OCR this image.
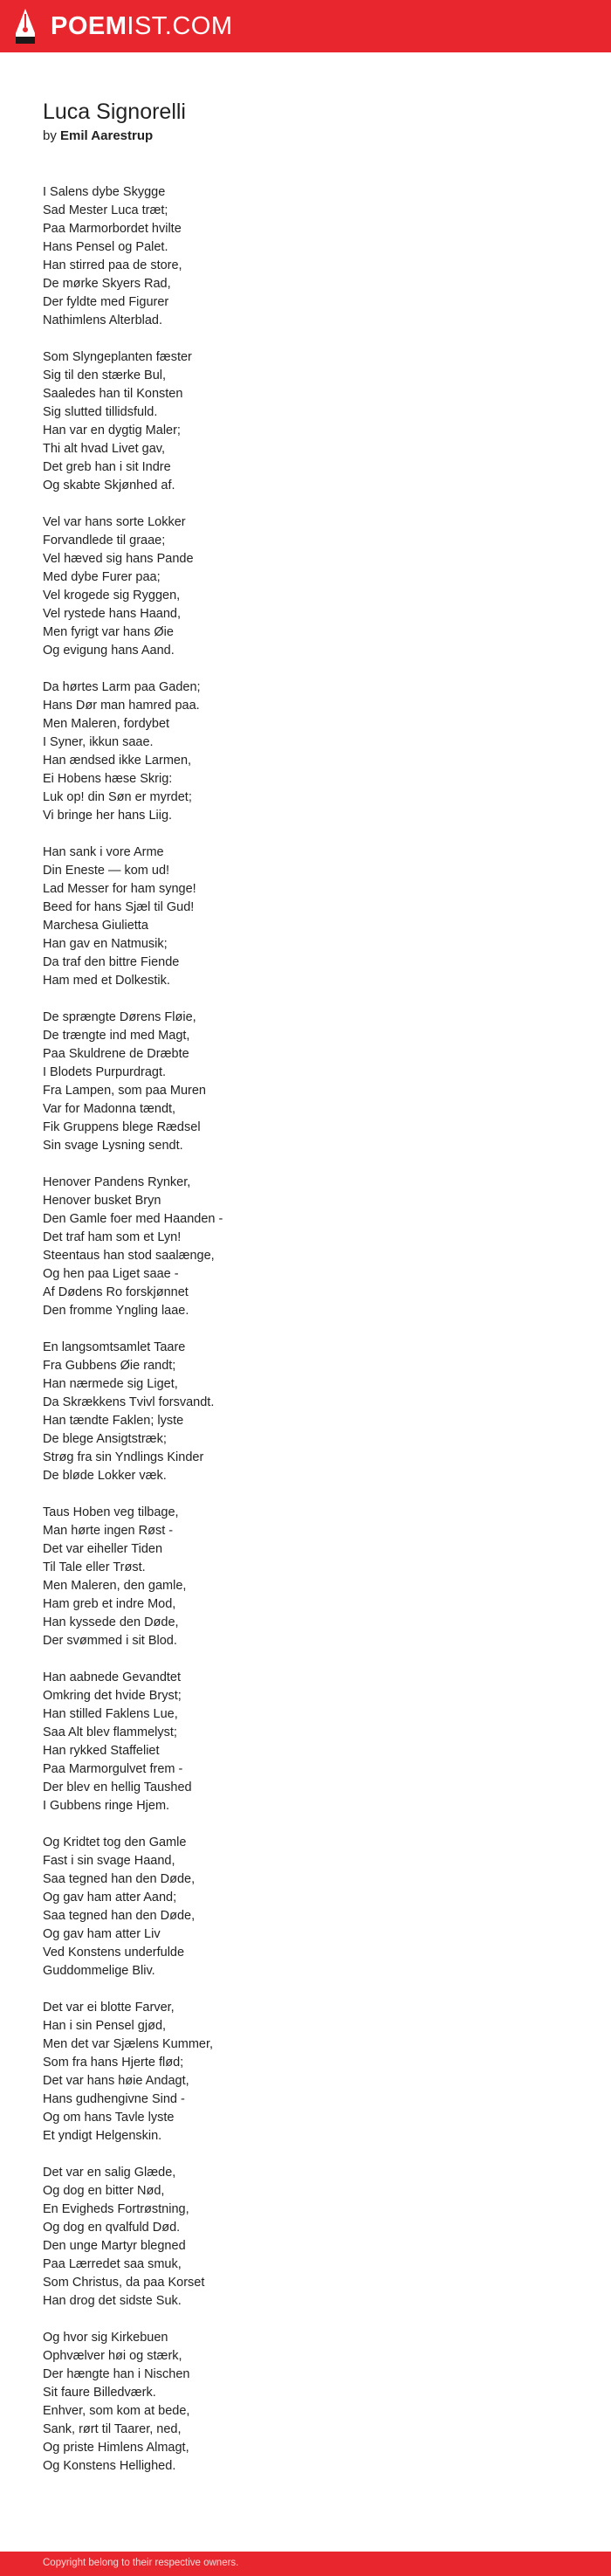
POEMIST.COM
Luca Signorelli

by Emil Aarestrup

I Salens dybe Skygge
Sad Mester Luca træt;
Paa Marmorbordet hvilte
Hans Pensel og Palet.
Han stirred paa de store,
De mørke Skyers Rad,
Der fyldte med Figurer
Nathimlens Alterblad.
Som Slyngeplanten fæster
Sig til den stærke Bul,
Saaledes han til Konsten
Sig slutted tillidsfuld.
Han var en dygtig Maler;
Thi alt hvad Livet gav,
Det greb han i sit Indre
Og skabte Skjønhed af.
Vel var hans sorte Lokker
Forvandlede til graae;
Vel hæved sig hans Pande
Med dybe Furer paa;
Vel krogede sig Ryggen,
Vel rystede hans Haand,
Men fyrigt var hans Øie
Og evigung hans Aand.
Da hørtes Larm paa Gaden;
Hans Dør man hamred paa.
Men Maleren, fordybet
I Syner, ikkun saae.
Han ændsed ikke Larmen,
Ei Hobens hæse Skrig:
Luk op! din Søn er myrdet;
Vi bringe her hans Liig.
Han sank i vore Arme
Din Eneste — kom ud!
Lad Messer for ham synge!
Beed for hans Sjæl til Gud!
Marchesa Giulietta
Han gav en Natmusik;
Da traf den bittre Fiende
Ham med et Dolkestik.
De sprængte Dørens Fløie,
De trængte ind med Magt,
Paa Skuldrene de Dræbte
I Blodets Purpurdragt.
Fra Lampen, som paa Muren
Var for Madonna tændt,
Fik Gruppens blege Rædsel
Sin svage Lysning sendt.
Henover Pandens Rynker,
Henover busket Bryn
Den Gamle foer med Haanden -
Det traf ham som et Lyn!
Steentaus han stod saalænge,
Og hen paa Liget saae -
Af Dødens Ro forskjønnet
Den fromme Yngling laae.
En langsomtsamlet Taare
Fra Gubbens Øie randt;
Han nærmede sig Liget,
Da Skrækkens Tvivl forsvandt.
Han tændte Faklen; lyste
De blege Ansigtstræk;
Strøg fra sin Yndlings Kinder
De bløde Lokker væk.
Taus Hoben veg tilbage,
Man hørte ingen Røst -
Det var eiheller Tiden
Til Tale eller Trøst.
Men Maleren, den gamle,
Ham greb et indre Mod,
Han kyssede den Døde,
Der svømmed i sit Blod.
Han aabnede Gevandtet
Omkring det hvide Bryst;
Han stilled Faklens Lue,
Saa Alt blev flammelyst;
Han rykked Staffeliet
Paa Marmorgulvet frem -
Der blev en hellig Taushed
I Gubbens ringe Hjem.
Og Kridtet tog den Gamle
Fast i sin svage Haand,
Saa tegned han den Døde,
Og gav ham atter Aand;
Saa tegned han den Døde,
Og gav ham atter Liv
Ved Konstens underfulde
Guddommelige Bliv.
Det var ei blotte Farver,
Han i sin Pensel gjød,
Men det var Sjælens Kummer,
Som fra hans Hjerte flød;
Det var hans høie Andagt,
Hans gudhengivne Sind -
Og om hans Tavle lyste
Et yndigt Helgenskin.
Det var en salig Glæde,
Og dog en bitter Nød,
En Evigheds Fortrøstning,
Og dog en qvalfuld Død.
Den unge Martyr blegned
Paa Lærredet saa smuk,
Som Christus, da paa Korset
Han drog det sidste Suk.
Og hvor sig Kirkebuen
Ophvælver høi og stærk,
Der hængte han i Nischen
Sit faure Billedværk.
Enhver, som kom at bede,
Sank, rørt til Taarer, ned,
Og priste Himlens Almagt,
Og Konstens Hellighed.
Copyright belong to their respective owners.
